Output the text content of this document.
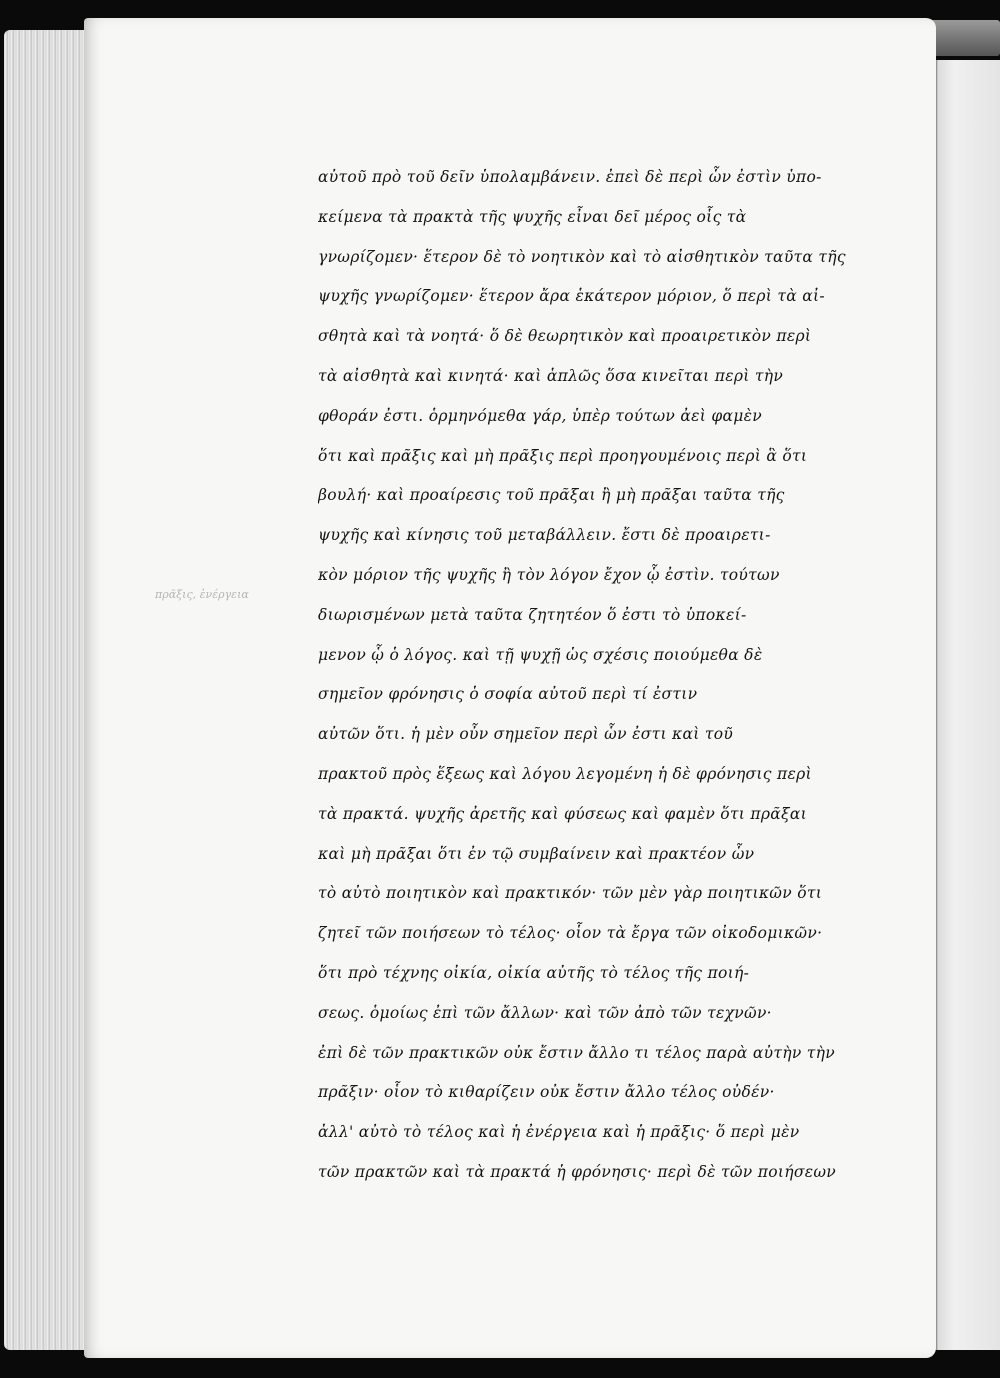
πρᾶξις, ἐνέργεια
αὐτοῦ πρὸ τοῦ δεῖν ὑπολαμβάνειν. ἐπεὶ δὲ περὶ ὧν ἐστὶν ὑπο-
κείμενα τὰ πρακτὰ τῆς ψυχῆς εἶναι δεῖ μέρος οἷς τὰ
γνωρίζομεν· ἕτερον δὲ τὸ νοητικὸν καὶ τὸ αἰσθητικὸν ταῦτα τῆς
ψυχῆς γνωρίζομεν· ἕτερον ἄρα ἑκάτερον μόριον, ὅ περὶ τὰ αἰ-
σθητὰ καὶ τὰ νοητά· ὅ δὲ θεωρητικὸν καὶ προαιρετικὸν περὶ
τὰ αἰσθητὰ καὶ κινητά· καὶ ἁπλῶς ὅσα κινεῖται περὶ τὴν
φθοράν ἐστι. ὁρμηνόμεθα γάρ, ὑπὲρ τούτων ἀεὶ φαμὲν
ὅτι καὶ πρᾶξις καὶ μὴ πρᾶξις περὶ προηγουμένοις περὶ ἃ ὅτι
βουλή· καὶ προαίρεσις τοῦ πρᾶξαι ἢ μὴ πρᾶξαι ταῦτα τῆς
ψυχῆς καὶ κίνησις τοῦ μεταβάλλειν. ἔστι δὲ προαιρετι-
κὸν μόριον τῆς ψυχῆς ἢ τὸν λόγον ἔχον ᾧ ἐστὶν. τούτων
διωρισμένων μετὰ ταῦτα ζητητέον ὅ ἐστι τὸ ὑποκεί-
μενον ᾧ ὁ λόγος. καὶ τῇ ψυχῇ ὡς σχέσις ποιούμεθα δὲ
σημεῖον φρόνησις ὁ σοφία αὐτοῦ περὶ τί ἐστιν
αὐτῶν ὅτι. ἡ μὲν οὖν σημεῖον περὶ ὧν ἐστι καὶ τοῦ
πρακτοῦ πρὸς ἕξεως καὶ λόγου λεγομένη ἡ δὲ φρόνησις περὶ
τὰ πρακτά. ψυχῆς ἀρετῆς καὶ φύσεως καὶ φαμὲν ὅτι πρᾶξαι
καὶ μὴ πρᾶξαι ὅτι ἐν τῷ συμβαίνειν καὶ πρακτέον ὧν
τὸ αὐτὸ ποιητικὸν καὶ πρακτικόν· τῶν μὲν γὰρ ποιητικῶν ὅτι
ζητεῖ τῶν ποιήσεων τὸ τέλος· οἷον τὰ ἔργα τῶν οἰκοδομικῶν·
ὅτι πρὸ τέχνης οἰκία, οἰκία αὐτῆς τὸ τέλος τῆς ποιή-
σεως. ὁμοίως ἐπὶ τῶν ἄλλων· καὶ τῶν ἀπὸ τῶν τεχνῶν·
ἐπὶ δὲ τῶν πρακτικῶν οὐκ ἔστιν ἄλλο τι τέλος παρὰ αὐτὴν τὴν
πρᾶξιν· οἷον τὸ κιθαρίζειν οὐκ ἔστιν ἄλλο τέλος οὐδέν·
ἀλλ' αὐτὸ τὸ τέλος καὶ ἡ ἐνέργεια καὶ ἡ πρᾶξις· ὅ περὶ μὲν
τῶν πρακτῶν καὶ τὰ πρακτά ἡ φρόνησις· περὶ δὲ τῶν ποιήσεων
